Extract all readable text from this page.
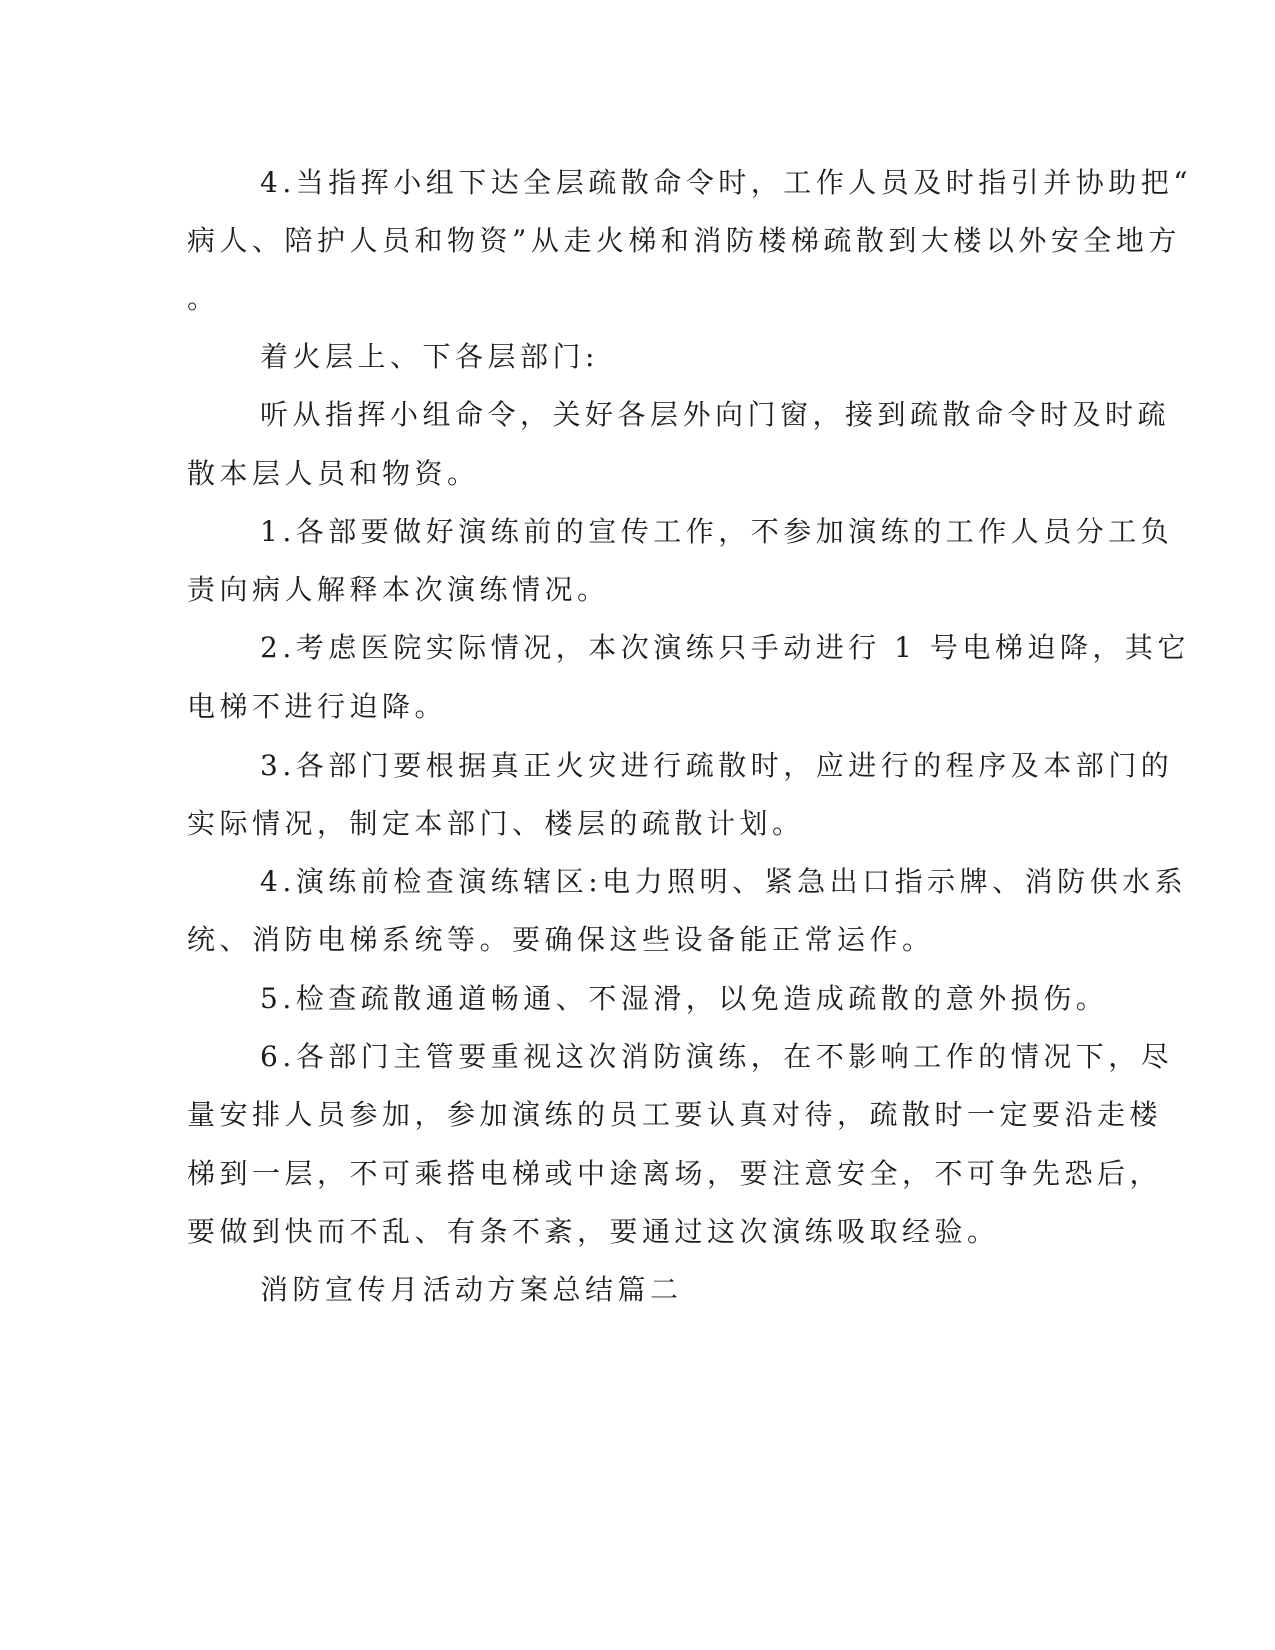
4.当指挥小组下达全层疏散命令时，工作人员及时指引并协助把“

病人、陪护人员和物资”从走火梯和消防楼梯疏散到大楼以外安全地方

。

着火层上、下各层部门:

听从指挥小组命令，关好各层外向门窗，接到疏散命令时及时疏

散本层人员和物资。

1.各部要做好演练前的宣传工作，不参加演练的工作人员分工负

责向病人解释本次演练情况。

2.考虑医院实际情况，本次演练只手动进行 1 号电梯迫降，其它

电梯不进行迫降。

3.各部门要根据真正火灾进行疏散时，应进行的程序及本部门的

实际情况，制定本部门、楼层的疏散计划。

4.演练前检查演练辖区:电力照明、紧急出口指示牌、消防供水系

统、消防电梯系统等。要确保这些设备能正常运作。

5.检查疏散通道畅通、不湿滑，以免造成疏散的意外损伤。

6.各部门主管要重视这次消防演练，在不影响工作的情况下，尽

量安排人员参加，参加演练的员工要认真对待，疏散时一定要沿走楼

梯到一层，不可乘搭电梯或中途离场，要注意安全，不可争先恐后，

要做到快而不乱、有条不紊，要通过这次演练吸取经验。

消防宣传月活动方案总结篇二
